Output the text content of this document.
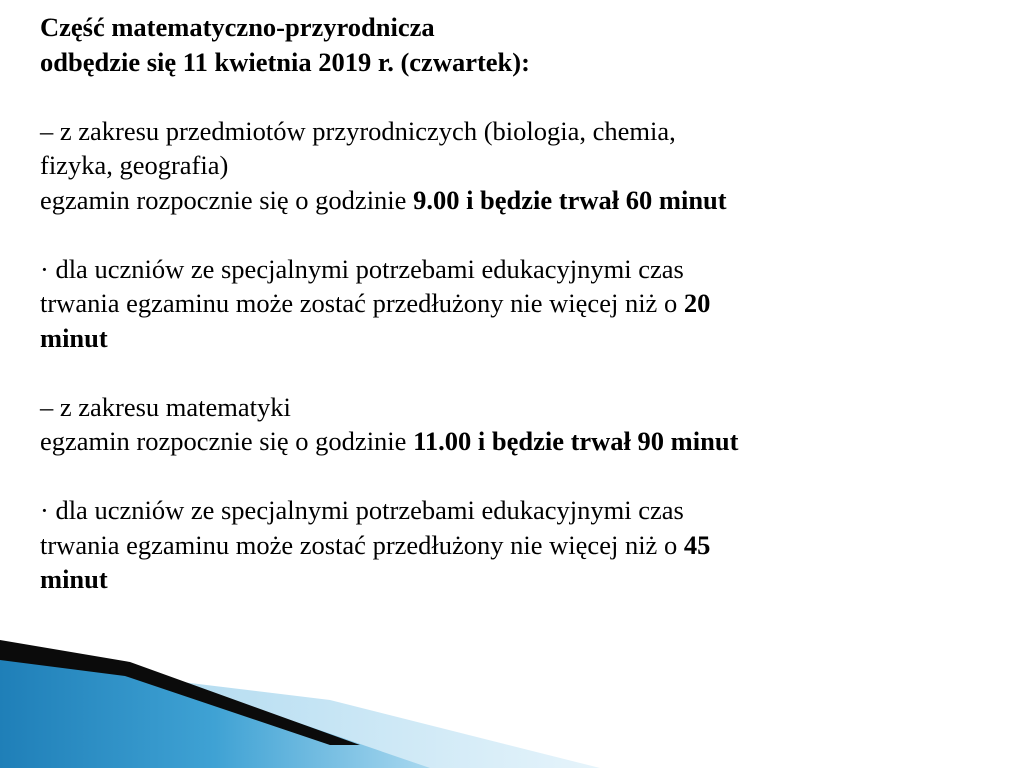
Część matematyczno-przyrodnicza

odbędzie się 11 kwietnia 2019 r. (czwartek):

– z zakresu przedmiotów przyrodniczych (biologia, chemia,

fizyka, geografia)

egzamin rozpocznie się o godzinie 9.00 i będzie trwał 60 minut

· dla uczniów ze specjalnymi potrzebami edukacyjnymi czas

trwania egzaminu może zostać przedłużony nie więcej niż o 20

minut

– z zakresu matematyki

egzamin rozpocznie się o godzinie 11.00 i będzie trwał 90 minut

· dla uczniów ze specjalnymi potrzebami edukacyjnymi czas

trwania egzaminu może zostać przedłużony nie więcej niż o 45

minut
